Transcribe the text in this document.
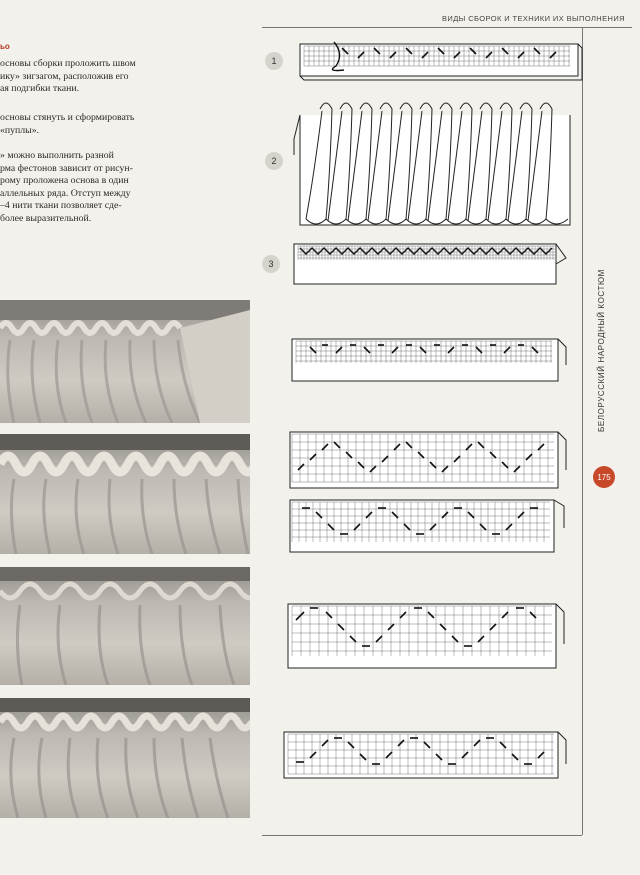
ВИДЫ СБОРОК И ТЕХНИКИ ИХ ВЫПОЛНЕНИЯ
БЕЛОРУССКИЙ НАРОДНЫЙ КОСТЮМ
175
ьо
основы сборки проложить швом
ику» зигзагом, расположив его
ая подгибки ткани.
основы стянуть и сформировать
«пуплы».
» можно выполнить разной
рма фестонов зависит от рисун-
рому проложена основа в один
аллельных ряда. Отступ между
–4 нити ткани позволяет сде-
более выразительной.
1
2
3
